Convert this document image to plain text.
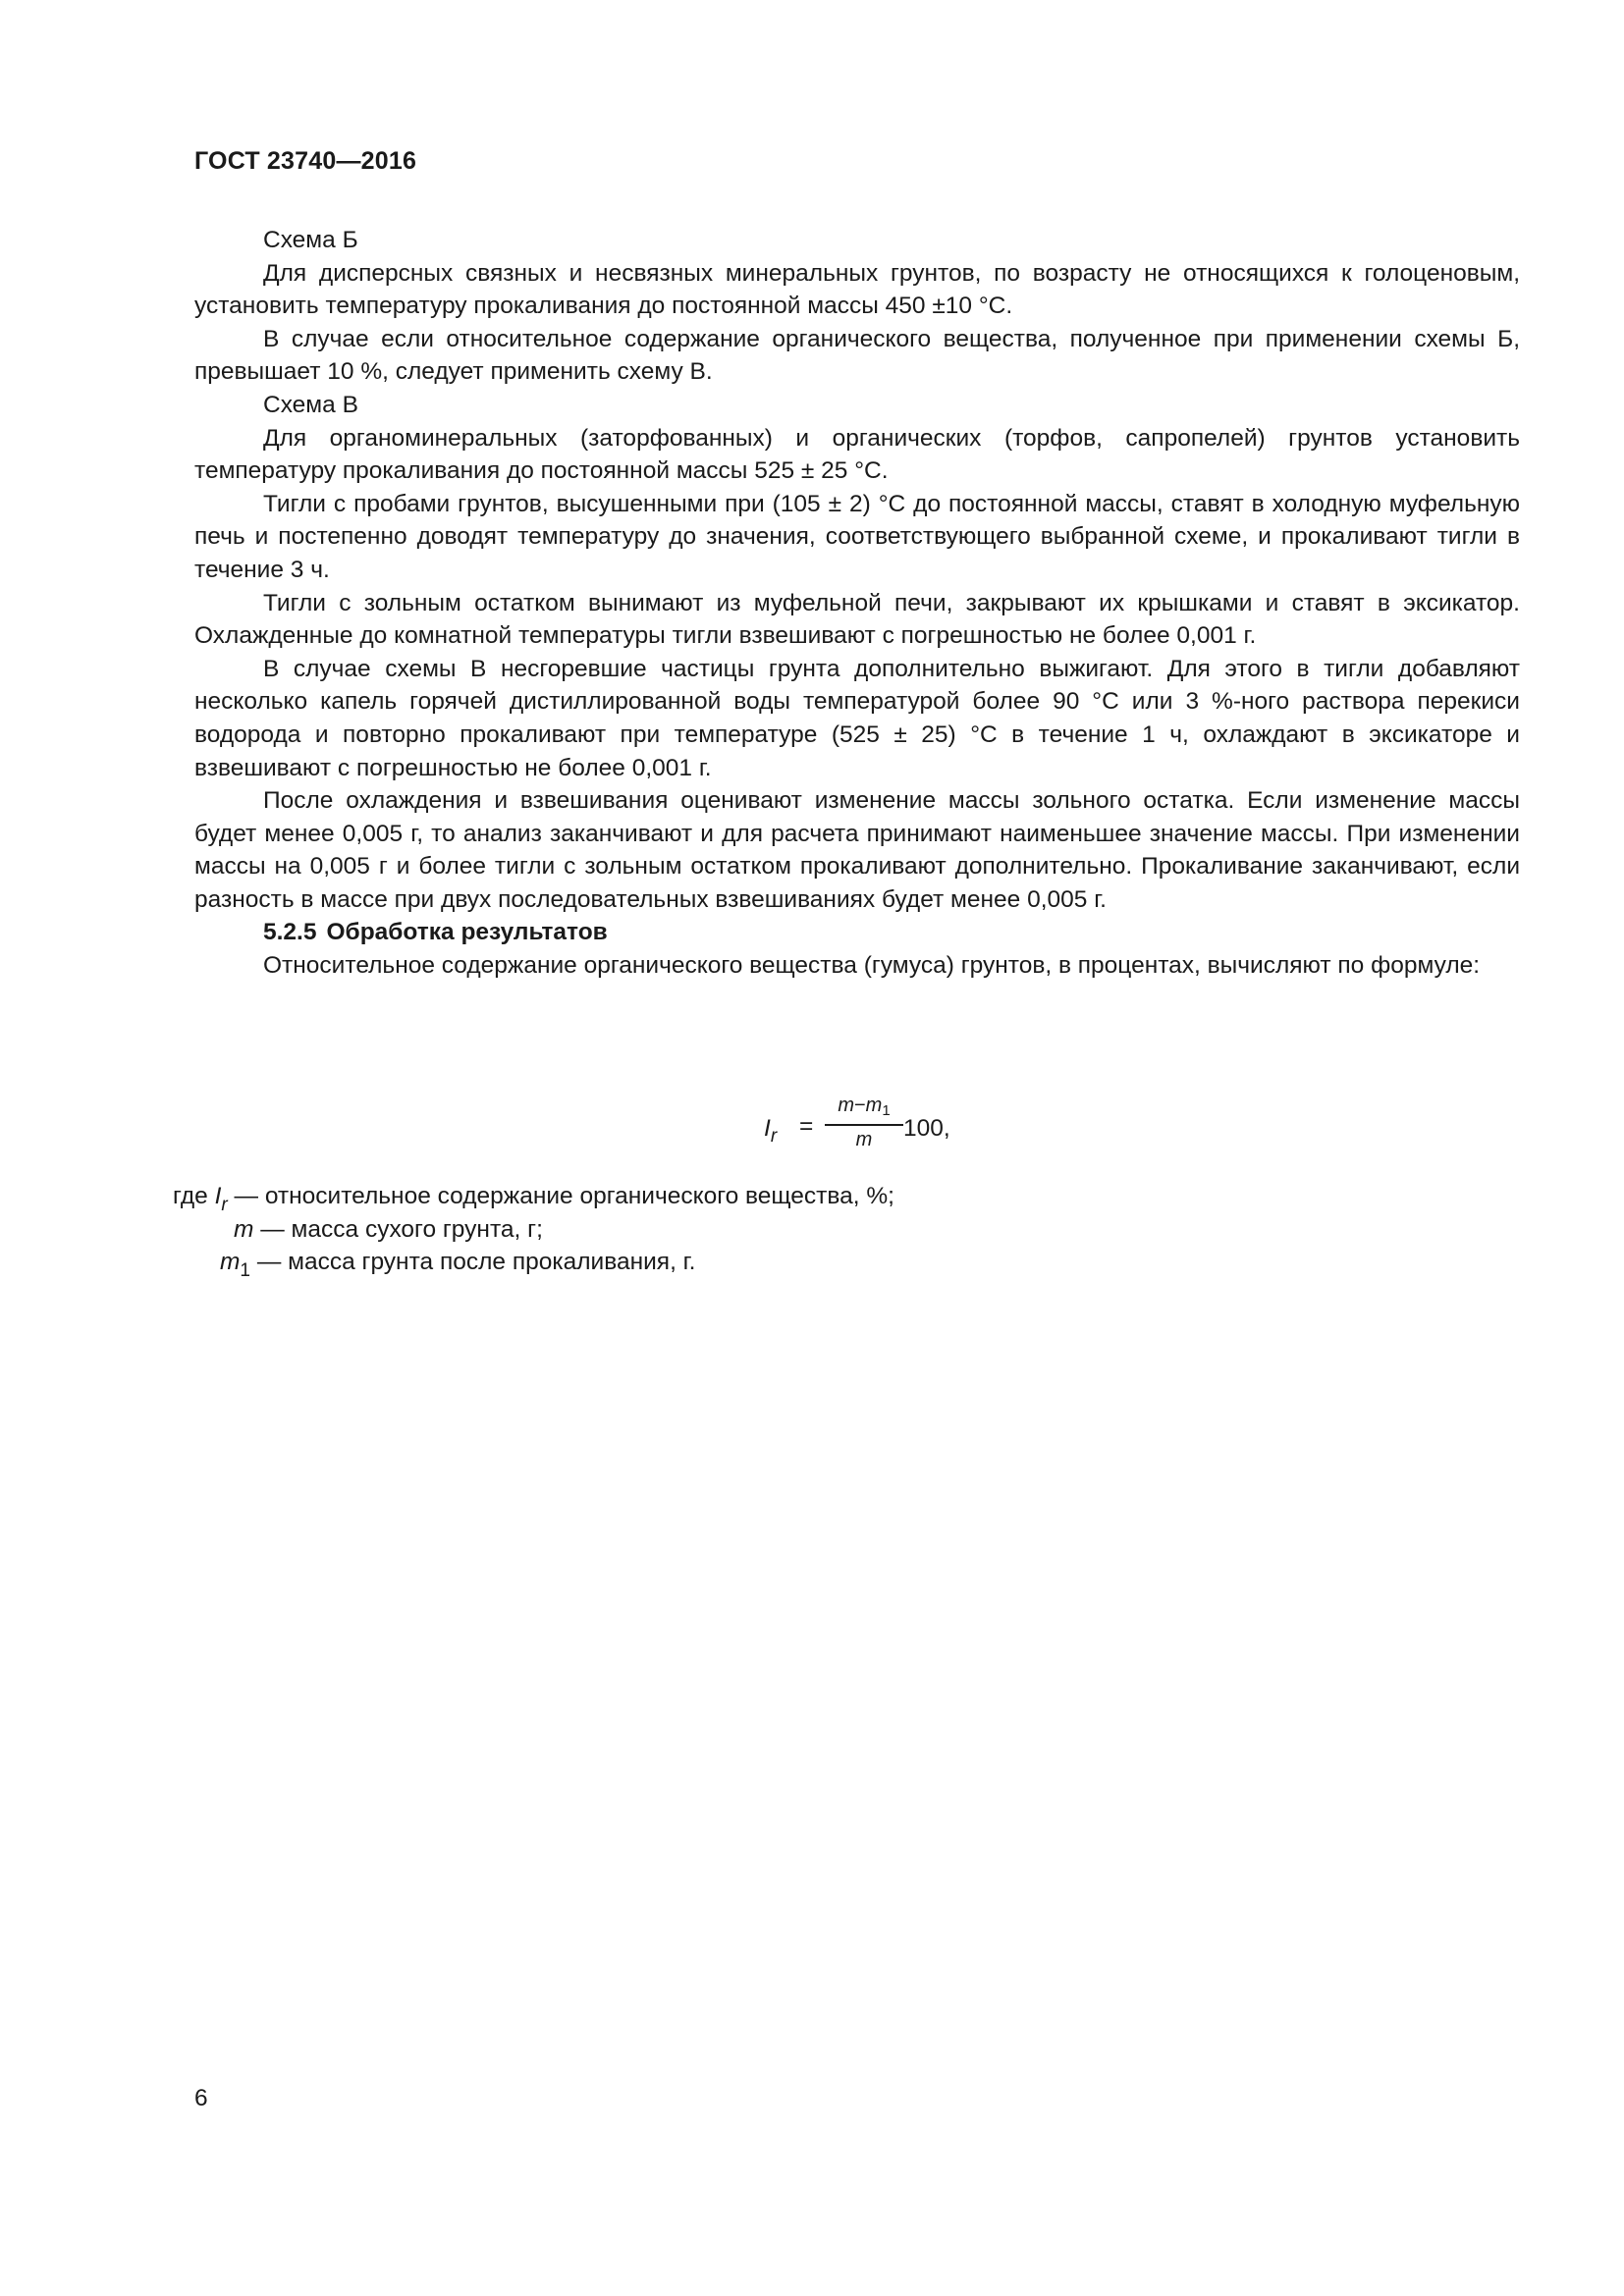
ГОСТ 23740—2016

Схема Б

Для дисперсных связных и несвязных минеральных грунтов, по возрасту не относящихся к голоценовым, установить температуру прокаливания до постоянной массы 450 ±10 °С.

В случае если относительное содержание органического вещества, полученное при применении схемы Б, превышает 10 %, следует применить схему В.

Схема В

Для органоминеральных (заторфованных) и органических (торфов, сапропелей) грунтов установить температуру прокаливания до постоянной массы 525 ± 25 °С.

Тигли с пробами грунтов, высушенными при (105 ± 2) °С до постоянной массы, ставят в холодную муфельную печь и постепенно доводят температуру до значения, соответствующего выбранной схеме, и прокаливают тигли в течение 3 ч.

Тигли с зольным остатком вынимают из муфельной печи, закрывают их крышками и ставят в эксикатор. Охлажденные до комнатной температуры тигли взвешивают с погрешностью не более 0,001 г.

В случае схемы В несгоревшие частицы грунта дополнительно выжигают. Для этого в тигли добавляют несколько капель горячей дистиллированной воды температурой более 90 °С или 3 %-ного раствора перекиси водорода и повторно прокаливают при температуре (525 ± 25) °С в течение 1 ч, охлаждают в эксикаторе и взвешивают с погрешностью не более 0,001 г.

После охлаждения и взвешивания оценивают изменение массы зольного остатка. Если изменение массы будет менее 0,005 г, то анализ заканчивают и для расчета принимают наименьшее значение массы. При изменении массы на 0,005 г и более тигли с зольным остатком прокаливают дополнительно. Прокаливание заканчивают, если разность в массе при двух последовательных взвешиваниях будет менее 0,005 г.

5.2.5 Обработка результатов

Относительное содержание органического вещества (гумуса) грунтов, в процентах, вычисляют по формуле:

$I_r$ =
$m-m_1$
m	100,
где $I_r$ — относительное содержание органического вещества, %;
m — масса сухого грунта, г;
$m_1$ — масса грунта после прокаливания, г.
6
